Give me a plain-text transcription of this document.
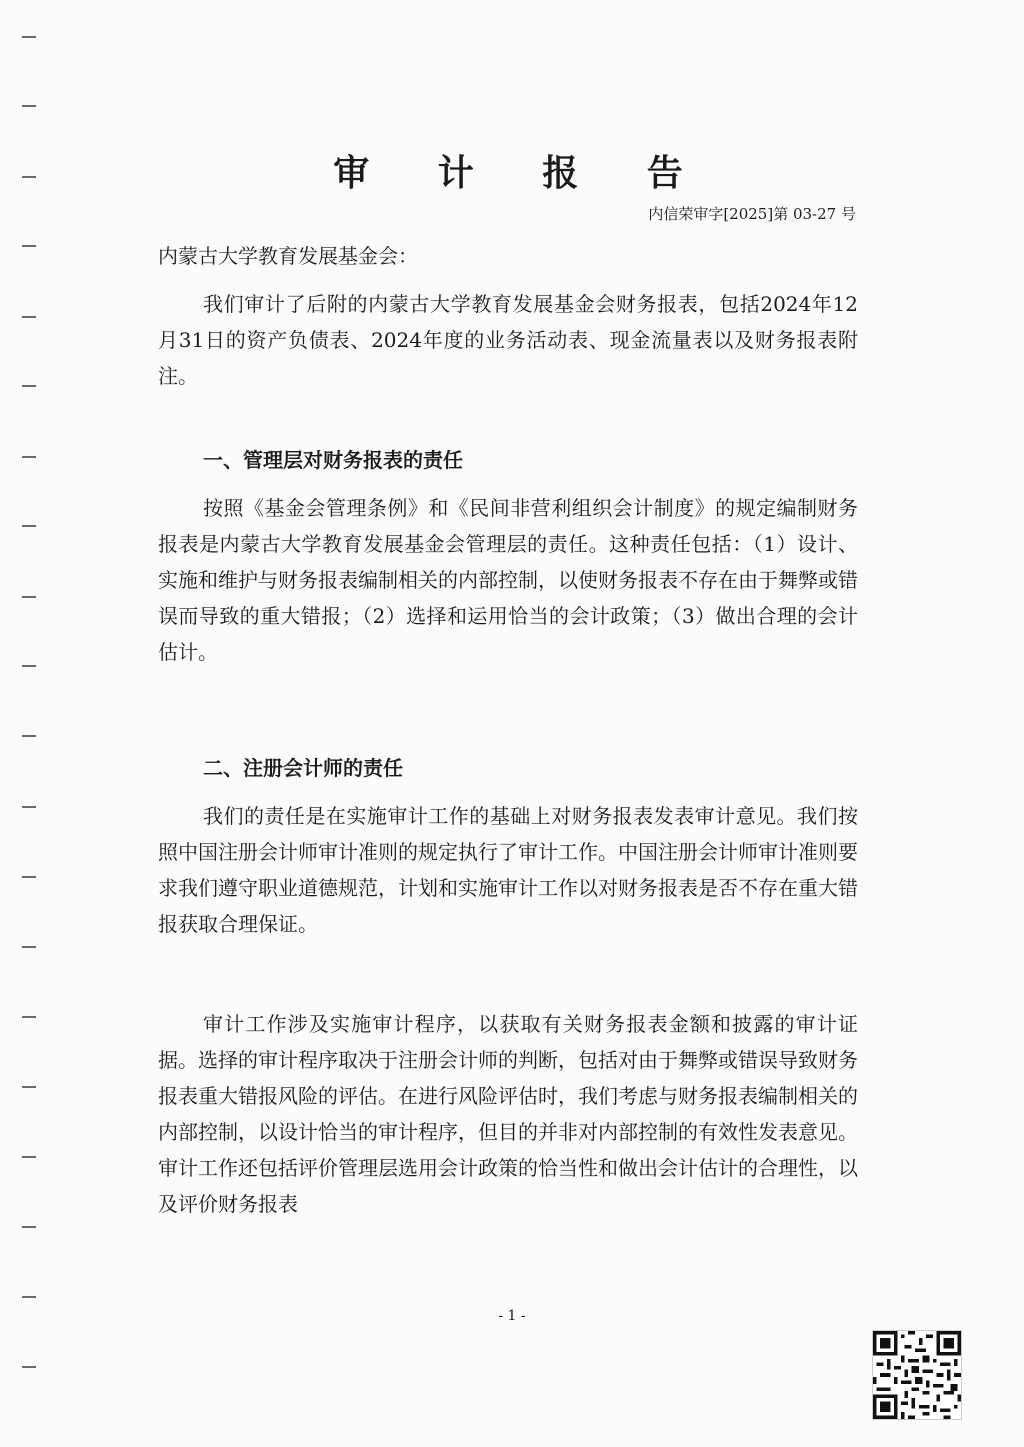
审 计 报 告
内信荣审字[2025]第 03-27 号
内蒙古大学教育发展基金会：
我们审计了后附的内蒙古大学教育发展基金会财务报表，包括2024年12月31日的资产负债表、2024年度的业务活动表、现金流量表以及财务报表附注。
一、管理层对财务报表的责任
按照《基金会管理条例》和《民间非营利组织会计制度》的规定编制财务报表是内蒙古大学教育发展基金会管理层的责任。这种责任包括：（1）设计、实施和维护与财务报表编制相关的内部控制，以使财务报表不存在由于舞弊或错误而导致的重大错报；（2）选择和运用恰当的会计政策；（3）做出合理的会计估计。
二、注册会计师的责任
我们的责任是在实施审计工作的基础上对财务报表发表审计意见。我们按照中国注册会计师审计准则的规定执行了审计工作。中国注册会计师审计准则要求我们遵守职业道德规范，计划和实施审计工作以对财务报表是否不存在重大错报获取合理保证。
审计工作涉及实施审计程序，以获取有关财务报表金额和披露的审计证据。选择的审计程序取决于注册会计师的判断，包括对由于舞弊或错误导致财务报表重大错报风险的评估。在进行风险评估时，我们考虑与财务报表编制相关的内部控制，以设计恰当的审计程序，但目的并非对内部控制的有效性发表意见。审计工作还包括评价管理层选用会计政策的恰当性和做出会计估计的合理性，以及评价财务报表
- 1 -
